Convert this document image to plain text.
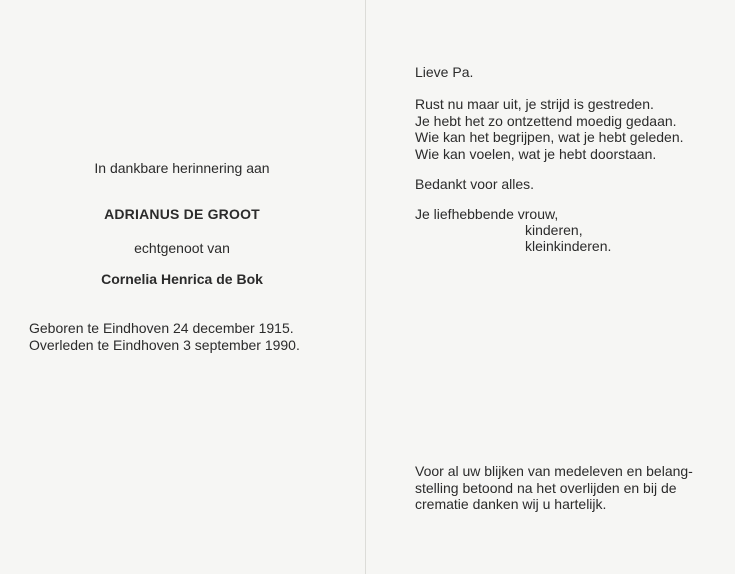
In dankbare herinnering aan
ADRIANUS DE GROOT
echtgenoot van
Cornelia Henrica de Bok
Geboren te Eindhoven 24 december 1915.
Overleden te Eindhoven 3 september 1990.
Lieve Pa.
Rust nu maar uit, je strijd is gestreden.
Je hebt het zo ontzettend moedig gedaan.
Wie kan het begrijpen, wat je hebt geleden.
Wie kan voelen, wat je hebt doorstaan.
Bedankt voor alles.
Je liefhebbende vrouw,
kinderen,
kleinkinderen.
Voor al uw blijken van medeleven en belang-
stelling betoond na het overlijden en bij de
crematie danken wij u hartelijk.
